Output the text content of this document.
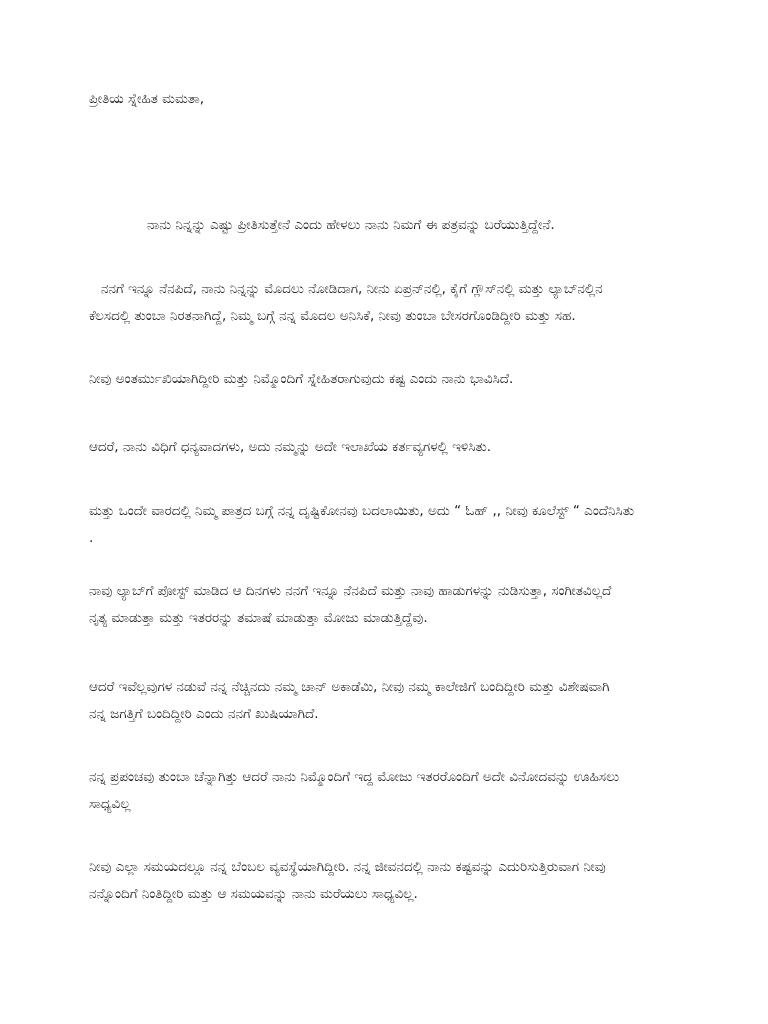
ಪ್ರೀತಿಯ ಸ್ನೇಹಿತ ಮಮತಾ,
ನಾನು ನಿನ್ನನ್ನು ಎಷ್ಟು ಪ್ರೀತಿಸುತ್ತೇನೆ ಎಂದು ಹೇಳಲು ನಾನು ನಿಮಗೆ ಈ ಪತ್ರವನ್ನು ಬರೆಯುತ್ತಿದ್ದೇನೆ.

ನನಗೆ ಇನ್ನೂ ನೆನಪಿದೆ, ನಾನು ನಿನ್ನನ್ನು ಮೊದಲು ನೋಡಿದಾಗ, ನೀನು ಏಪ್ರನ್‌ನಲ್ಲಿ, ಕೈಗೆ ಗ್ಲೌಸ್‌ನಲ್ಲಿ ಮತ್ತು ಲ್ಯಾಬ್‌ನಲ್ಲಿನ

ಕೆಲಸದಲ್ಲಿ ತುಂಬಾ ನಿರತನಾಗಿದ್ದೆ, ನಿಮ್ಮ ಬಗ್ಗೆ ನನ್ನ ಮೊದಲ ಅನಿಸಿಕೆ, ನೀವು ತುಂಬಾ ಬೇಸರಗೊಂಡಿದ್ದೀರಿ ಮತ್ತು ಸಹ.

ನೀವು ಅಂತರ್ಮುಖಿಯಾಗಿದ್ದೀರಿ ಮತ್ತು ನಿಮ್ಮೊಂದಿಗೆ ಸ್ನೇಹಿತರಾಗುವುದು ಕಷ್ಟ ಎಂದು ನಾನು ಭಾವಿಸಿದೆ.

ಆದರೆ, ನಾನು ವಿಧಿಗೆ ಧನ್ಯವಾದಗಳು, ಅದು ನಮ್ಮನ್ನು ಅದೇ ಇಲಾಖೆಯ ಕರ್ತವ್ಯಗಳಲ್ಲಿ ಇಳಿಸಿತು.

ಮತ್ತು ಒಂದೇ ವಾರದಲ್ಲಿ ನಿಮ್ಮ ಪಾತ್ರದ ಬಗ್ಗೆ ನನ್ನ ದೃಷ್ಟಿಕೋನವು ಬದಲಾಯಿತು, ಅದು “ ಓಹ್ ,, ನೀವು ಕೂಲೆಸ್ಟ್ “ ಎಂದೆನಿಸಿತು

.

ನಾವು ಲ್ಯಾಬ್‌ಗೆ ಪೋಸ್ಟ್ ಮಾಡಿದ ಆ ದಿನಗಳು ನನಗೆ ಇನ್ನೂ ನೆನಪಿದೆ ಮತ್ತು ನಾವು ಹಾಡುಗಳನ್ನು ನುಡಿಸುತ್ತಾ, ಸಂಗೀತವಿಲ್ಲದೆ

ನೃತ್ಯ ಮಾಡುತ್ತಾ ಮತ್ತು ಇತರರನ್ನು ತಮಾಷೆ ಮಾಡುತ್ತಾ ಮೋಜು ಮಾಡುತ್ತಿದ್ದೆವು.

ಆದರೆ ಇವೆಲ್ಲವುಗಳ ನಡುವೆ ನನ್ನ ನೆಚ್ಚಿನದು ನಮ್ಮ ಚಾನ್ ಅಕಾಡೆಮಿ, ನೀವು ನಮ್ಮ ಕಾಲೇಜಿಗೆ ಬಂದಿದ್ದೀರಿ ಮತ್ತು ವಿಶೇಷವಾಗಿ

ನನ್ನ ಜಗತ್ತಿಗೆ ಬಂದಿದ್ದೀರಿ ಎಂದು ನನಗೆ ಖುಷಿಯಾಗಿದೆ.

ನನ್ನ ಪ್ರಪಂಚವು ತುಂಬಾ ಚೆನ್ನಾಗಿತ್ತು ಆದರೆ ನಾನು ನಿಮ್ಮೊಂದಿಗೆ ಇದ್ದ ಮೋಜು ಇತರರೊಂದಿಗೆ ಅದೇ ವಿನೋದವನ್ನು ಊಹಿಸಲು

ಸಾಧ್ಯವಿಲ್ಲ

ನೀವು ಎಲ್ಲಾ ಸಮಯದಲ್ಲೂ ನನ್ನ ಬೆಂಬಲ ವ್ಯವಸ್ಥೆಯಾಗಿದ್ದೀರಿ. ನನ್ನ ಜೀವನದಲ್ಲಿ ನಾನು ಕಷ್ಟವನ್ನು ಎದುರಿಸುತ್ತಿರುವಾಗ ನೀವು

ನನ್ನೊಂದಿಗೆ ನಿಂತಿದ್ದೀರಿ ಮತ್ತು ಆ ಸಮಯವನ್ನು ನಾನು ಮರೆಯಲು ಸಾಧ್ಯವಿಲ್ಲ.
